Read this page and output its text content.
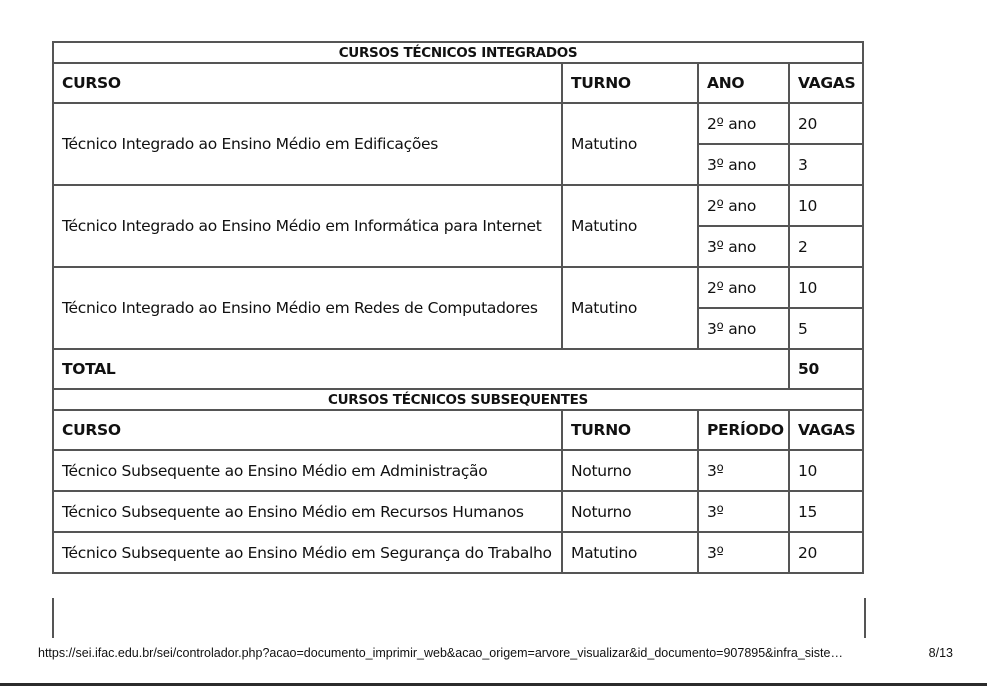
CURSOS TÉCNICOS INTEGRADOS			
CURSO	TURNO	ANO	VAGAS
Técnico Integrado ao Ensino Médio em Edificações	Matutino	2º ano	20
		3º ano	3
Técnico Integrado ao Ensino Médio em Informática para Internet	Matutino	2º ano	10
		3º ano	2
Técnico Integrado ao Ensino Médio em Redes de Computadores	Matutino	2º ano	10
		3º ano	5
TOTAL			50
CURSOS TÉCNICOS SUBSEQUENTES			
CURSO	TURNO	PERÍODO	VAGAS
Técnico Subsequente ao Ensino Médio em Administração	Noturno	3º	10
Técnico Subsequente ao Ensino Médio em Recursos Humanos	Noturno	3º	15
Técnico Subsequente ao Ensino Médio em Segurança do Trabalho	Matutino	3º	20
https://sei.ifac.edu.br/sei/controlador.php?acao=documento_imprimir_web&acao_origem=arvore_visualizar&id_documento=907895&infra_siste…	8/13
